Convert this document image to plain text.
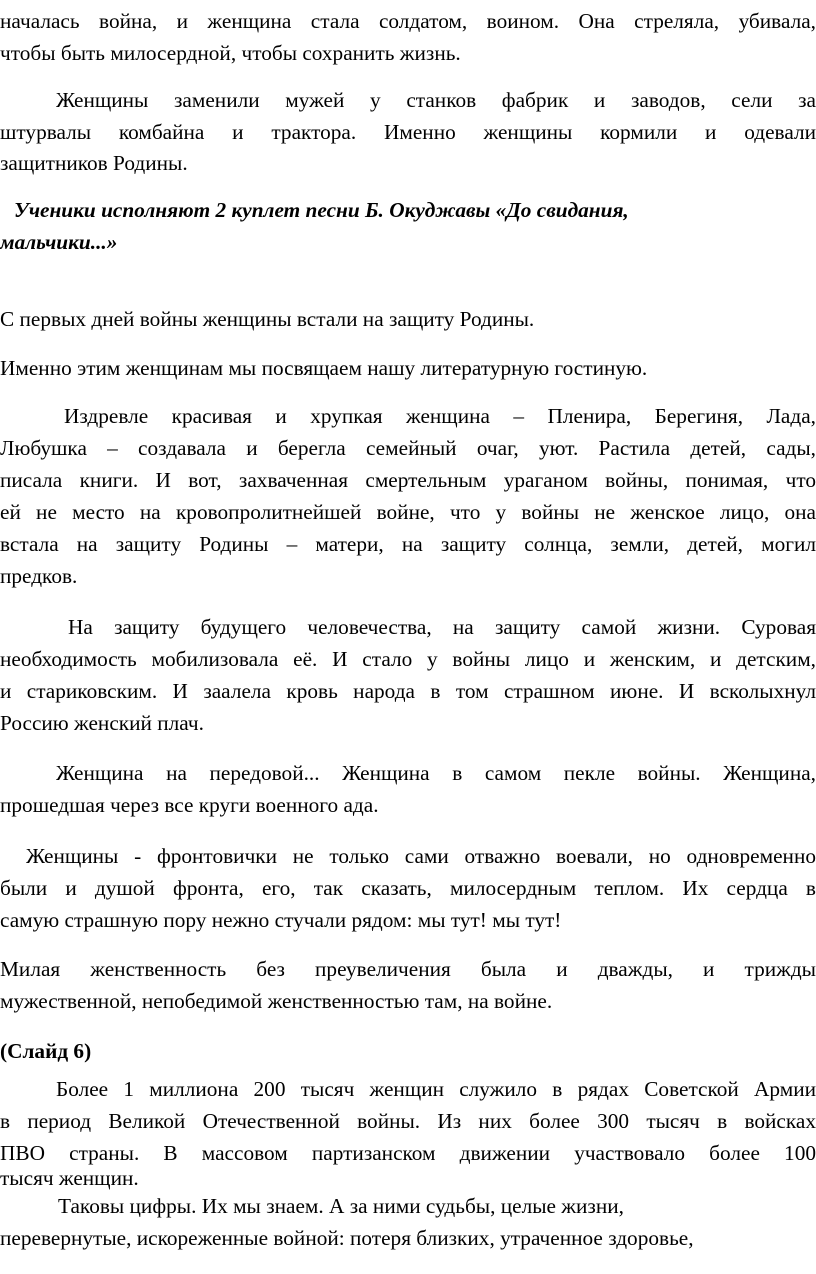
началась война, и женщина стала солдатом, воином. Она стреляла, убивала,
чтобы быть милосердной, чтобы сохранить жизнь.
Женщины заменили мужей у станков фабрик и заводов, сели за
штурвалы комбайна и трактора. Именно женщины кормили и одевали
защитников Родины.
Ученики исполняют 2 куплет песни Б. Окуджавы «До свидания,
мальчики...»
С первых дней войны женщины встали на защиту Родины.
Именно этим женщинам мы посвящаем нашу литературную гостиную.
Издревле красивая и хрупкая женщина – Пленира, Берегиня, Лада,
Любушка – создавала и берегла семейный очаг, уют. Растила детей, сады,
писала книги. И вот, захваченная смертельным ураганом войны, понимая, что
ей не место на кровопролитнейшей войне, что у войны не женское лицо, она
встала на защиту Родины – матери, на защиту солнца, земли, детей, могил
предков.
На защиту будущего человечества, на защиту самой жизни. Суровая
необходимость мобилизовала её. И стало у войны лицо и женским, и детским,
и стариковским. И заалела кровь народа в том страшном июне. И всколыхнул
Россию женский плач.
Женщина на передовой... Женщина в самом пекле войны. Женщина,
прошедшая через все круги военного ада.
Женщины - фронтовички не только сами отважно воевали, но одновременно
были и душой фронта, его, так сказать, милосердным теплом. Их сердца в
самую страшную пору нежно стучали рядом: мы тут! мы тут!
Милая женственность без преувеличения была и дважды, и трижды
мужественной, непобедимой женственностью там, на войне.
(Слайд 6)
Более 1 миллиона 200 тысяч женщин служило в рядах Советской Армии
в период Великой Отечественной войны. Из них более 300 тысяч в войсках
ПВО страны. В массовом партизанском движении участвовало более 100
тысяч женщин.
Таковы цифры. Их мы знаем. А за ними судьбы, целые жизни,
перевернутые, искореженные войной: потеря близких, утраченное здоровье,
